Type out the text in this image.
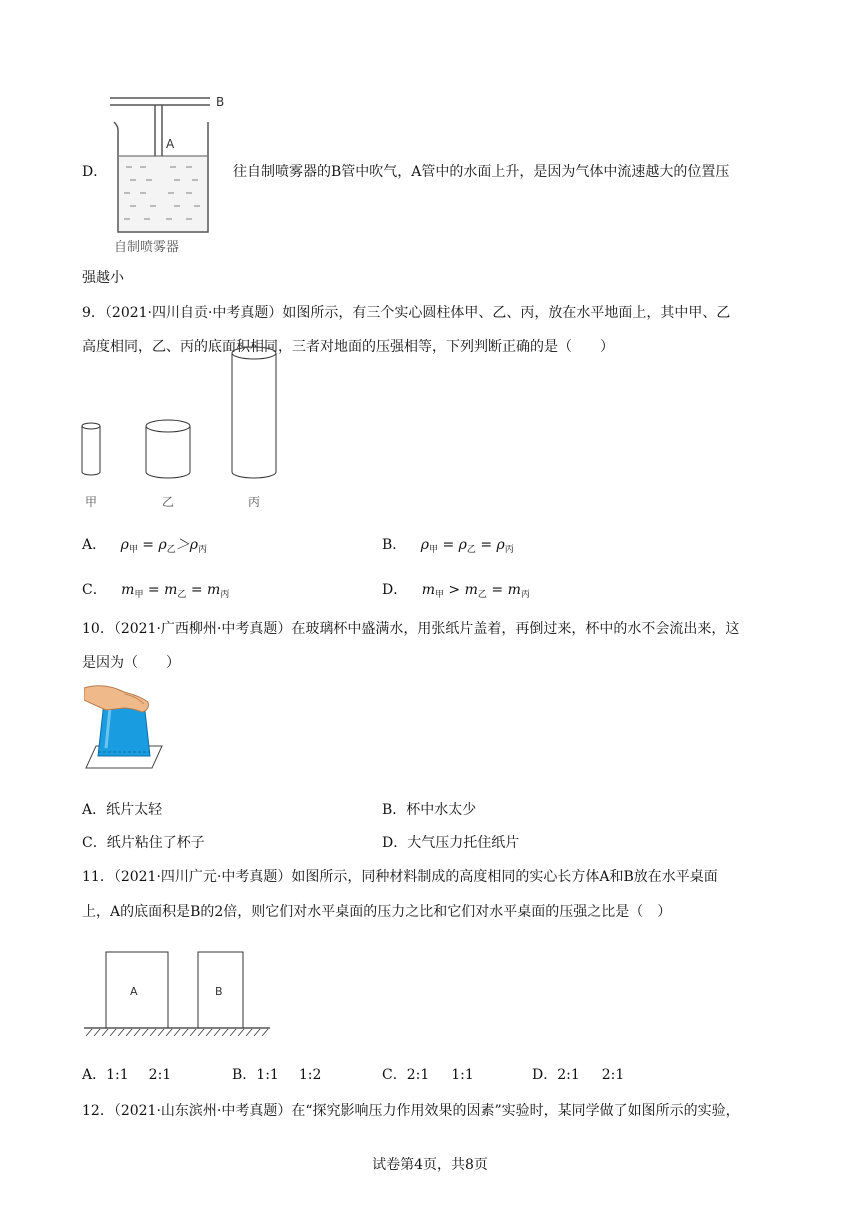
A
B
自制喷雾器
D．	往自制喷雾器的B管中吹气，A管中的水面上升，是因为气体中流速越大的位置压
强越小
9．（2021·四川自贡·中考真题）如图所示，有三个实心圆柱体甲、乙、丙，放在水平地面上，其中甲、乙
高度相同，乙、丙的底面积相同，三者对地面的压强相等，下列判断正确的是（　　）
甲	乙	丙
A． $\rho_甲 = \rho_乙>\rho_丙$	B． $\rho_甲 = \rho_乙 = \rho_丙$
C． $m_甲 = m_乙 = m_丙$	D． $m_甲 > m_乙 = m_丙$
10．（2021·广西柳州·中考真题）在玻璃杯中盛满水，用张纸片盖着，再倒过来，杯中的水不会流出来，这
是因为（　　）
A．纸片太轻	B．杯中水太少
C．纸片粘住了杯子	D．大气压力托住纸片
11．（2021·四川广元·中考真题）如图所示，同种材料制成的高度相同的实心长方体A和B放在水平桌面
上，A的底面积是B的2倍，则它们对水平桌面的压力之比和它们对水平桌面的压强之比是（　）
A	B
A．1:1 2:1	B．1:1 1:2	C．2:1 1:1	D．2:1 2:1
12．（2021·山东滨州·中考真题）在“探究影响压力作用效果的因素”实验时，某同学做了如图所示的实验，
试卷第4页，共8页
